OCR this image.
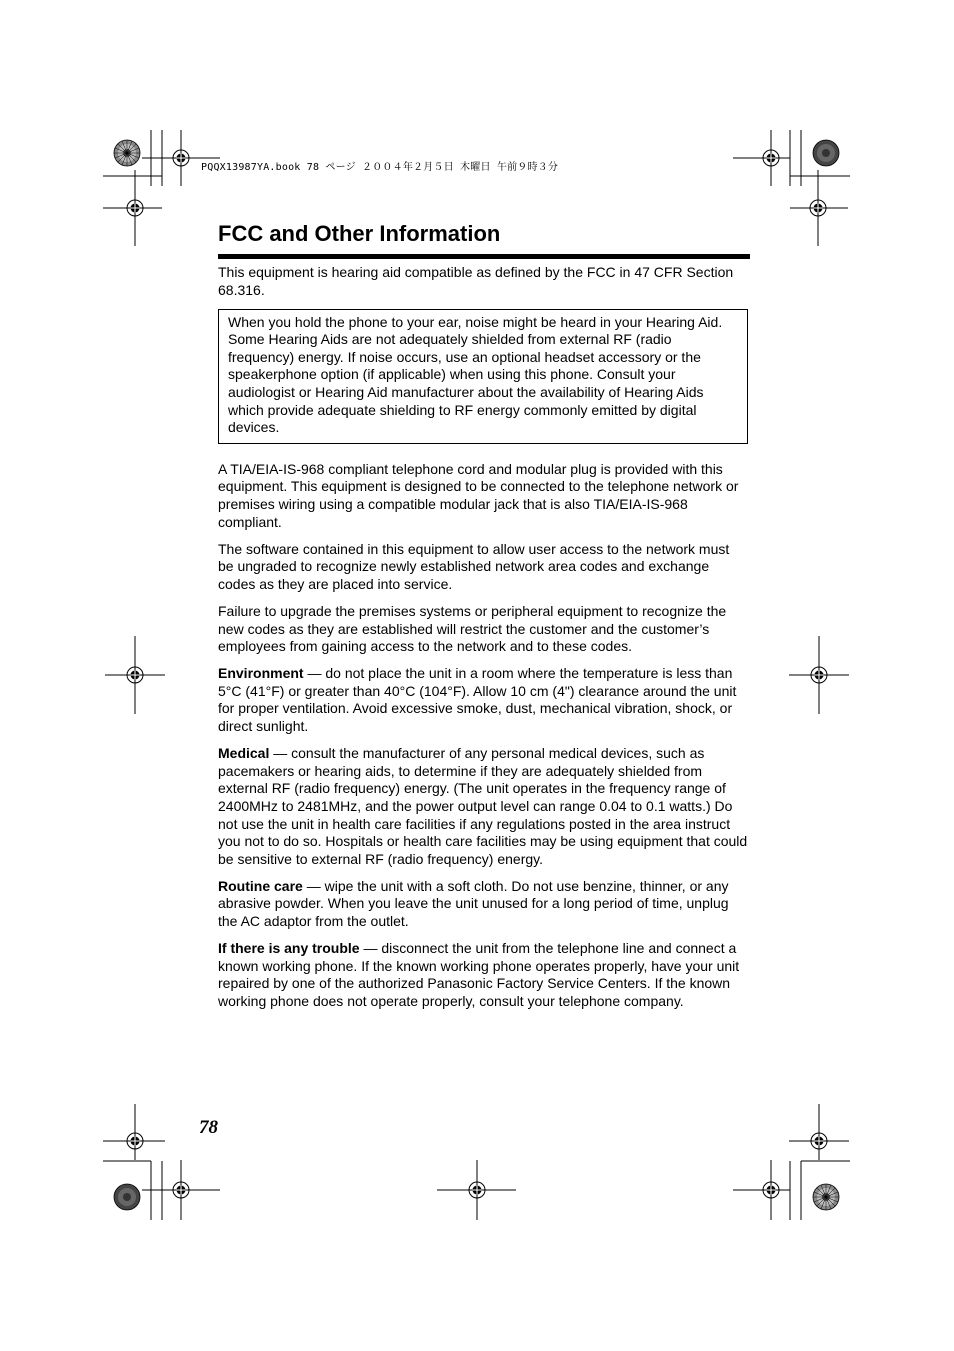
PQQX13987YA.book 78 ページ ２００４年２月５日 木曜日 午前９時３分
FCC and Other Information

This equipment is hearing aid compatible as defined by the FCC in 47 CFR Section 68.316.

When you hold the phone to your ear, noise might be heard in your Hearing Aid. Some Hearing Aids are not adequately shielded from external RF (radio frequency) energy. If noise occurs, use an optional headset accessory or the speakerphone option (if applicable) when using this phone. Consult your audiologist or Hearing Aid manufacturer about the availability of Hearing Aids which provide adequate shielding to RF energy commonly emitted by digital devices.

A TIA/EIA-IS-968 compliant telephone cord and modular plug is provided with this equipment. This equipment is designed to be connected to the telephone network or premises wiring using a compatible modular jack that is also TIA/EIA-IS-968 compliant.

The software contained in this equipment to allow user access to the network must be ungraded to recognize newly established network area codes and exchange codes as they are placed into service.

Failure to upgrade the premises systems or peripheral equipment to recognize the new codes as they are established will restrict the customer and the customer’s employees from gaining access to the network and to these codes.

Environment — do not place the unit in a room where the temperature is less than 5°C (41°F) or greater than 40°C (104°F). Allow 10 cm (4") clearance around the unit for proper ventilation. Avoid excessive smoke, dust, mechanical vibration, shock, or direct sunlight.

Medical — consult the manufacturer of any personal medical devices, such as pacemakers or hearing aids, to determine if they are adequately shielded from external RF (radio frequency) energy. (The unit operates in the frequency range of 2400MHz to 2481MHz, and the power output level can range 0.04 to 0.1 watts.) Do not use the unit in health care facilities if any regulations posted in the area instruct you not to do so. Hospitals or health care facilities may be using equipment that could be sensitive to external RF (radio frequency) energy.

Routine care — wipe the unit with a soft cloth. Do not use benzine, thinner, or any abrasive powder. When you leave the unit unused for a long period of time, unplug the AC adaptor from the outlet.

If there is any trouble — disconnect the unit from the telephone line and connect a known working phone. If the known working phone operates properly, have your unit repaired by one of the authorized Panasonic Factory Service Centers. If the known working phone does not operate properly, consult your telephone company.

78
